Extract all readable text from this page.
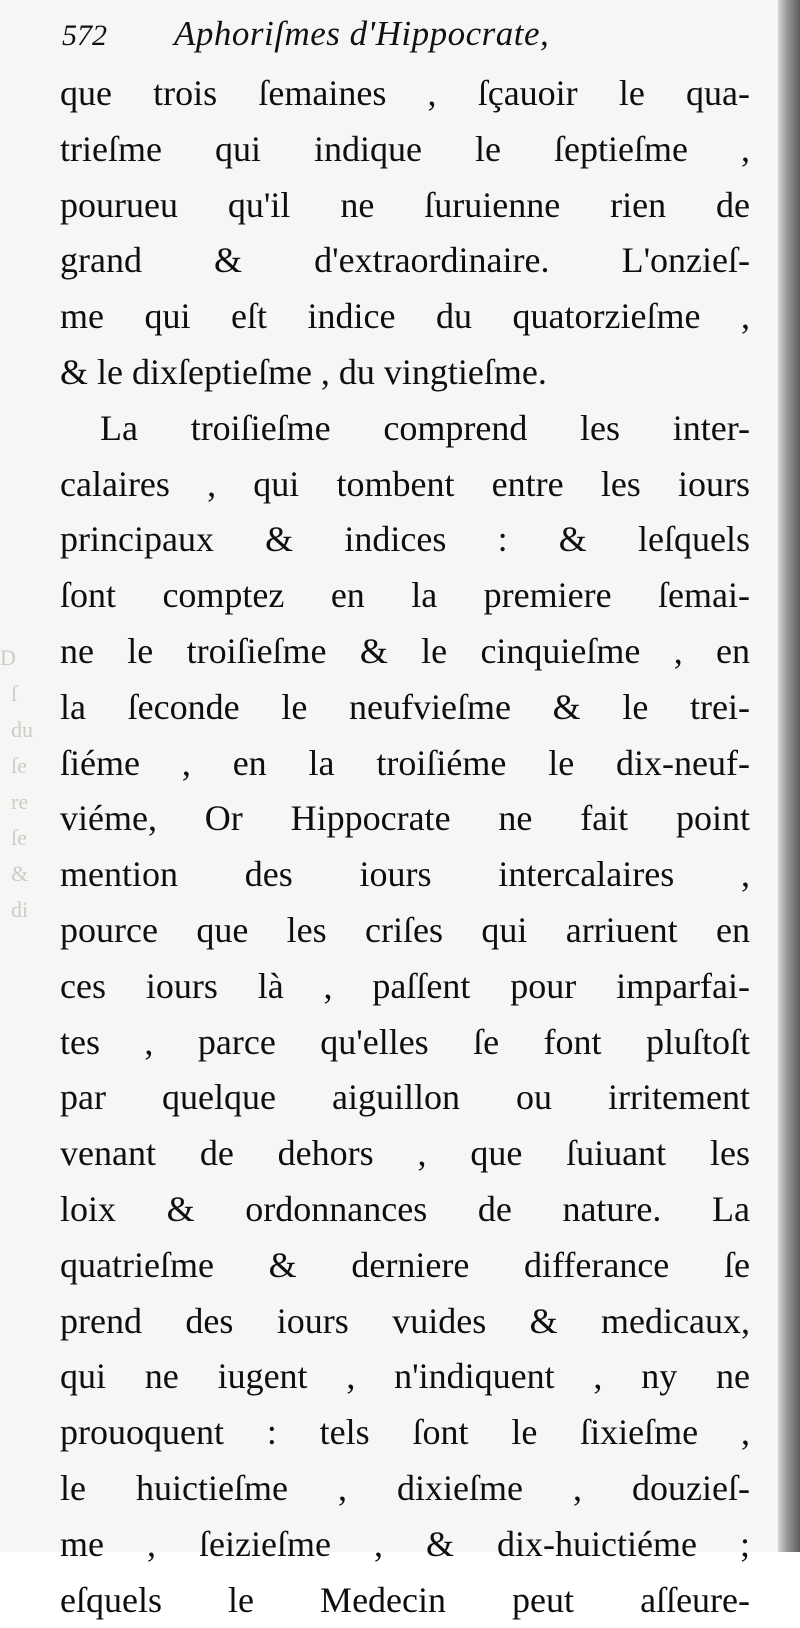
D
ſ
du
ſe
re
ſe
&
di
572	Aphoriſmes d'Hippocrate,
que trois ſemaines , ſçauoir le qua-
trieſme qui indique le ſeptieſme ,
pourueu qu'il ne ſuruienne rien de
grand & d'extraordinaire. L'onzieſ-
me qui eſt indice du quatorzieſme ,
& le dixſeptieſme , du vingtieſme.
La troiſieſme comprend les inter-
calaires , qui tombent entre les iours
principaux & indices : & leſquels
ſont comptez en la premiere ſemai-
ne le troiſieſme & le cinquieſme , en
la ſeconde le neufvieſme & le trei-
ſiéme , en la troiſiéme le dix-neuf-
viéme, Or Hippocrate ne fait point
mention des iours intercalaires ,
pource que les criſes qui arriuent en
ces iours là , paſſent pour imparfai-
tes , parce qu'elles ſe font pluſtoſt
par quelque aiguillon ou irritement
venant de dehors , que ſuiuant les
loix & ordonnances de nature. La
quatrieſme & derniere differance ſe
prend des iours vuides & medicaux,
qui ne iugent , n'indiquent , ny ne
prouoquent : tels ſont le ſixieſme ,
le huictieſme , dixieſme , douzieſ-
me , ſeizieſme , & dix-huictiéme ;
eſquels le Medecin peut aſſeure-
